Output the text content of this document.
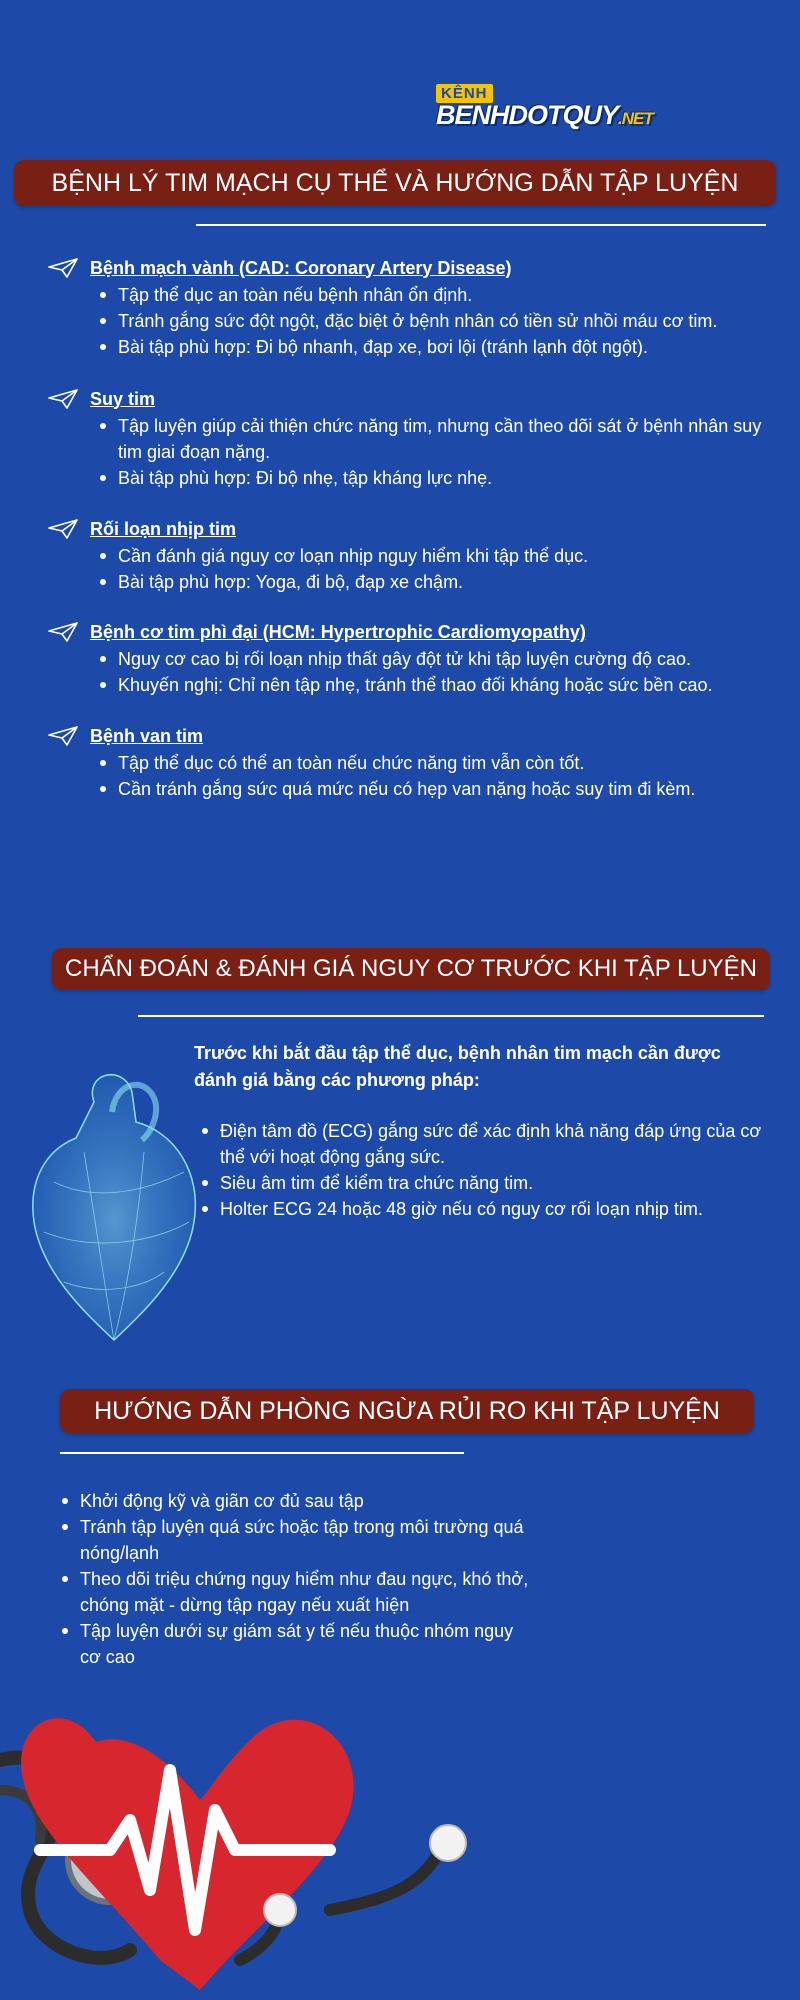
KÊNH
BENHDOTQUY.NET
BỆNH LÝ TIM MẠCH CỤ THỂ VÀ HƯỚNG DẪN TẬP LUYỆN
Bệnh mạch vành (CAD: Coronary Artery Disease)
Tập thể dục an toàn nếu bệnh nhân ổn định.
Tránh gắng sức đột ngột, đặc biệt ở bệnh nhân có tiền sử nhồi máu cơ tim.
Bài tập phù hợp: Đi bộ nhanh, đạp xe, bơi lội (tránh lạnh đột ngột).
Suy tim
Tập luyện giúp cải thiện chức năng tim, nhưng cần theo dõi sát ở bệnh nhân suy tim giai đoạn nặng.
Bài tập phù hợp: Đi bộ nhẹ, tập kháng lực nhẹ.
Rối loạn nhịp tim
Cần đánh giá nguy cơ loạn nhịp nguy hiểm khi tập thể dục.
Bài tập phù hợp: Yoga, đi bộ, đạp xe chậm.
Bệnh cơ tim phì đại (HCM: Hypertrophic Cardiomyopathy)
Nguy cơ cao bị rối loạn nhịp thất gây đột tử khi tập luyện cường độ cao.
Khuyến nghị: Chỉ nên tập nhẹ, tránh thể thao đối kháng hoặc sức bền cao.
Bệnh van tim
Tập thể dục có thể an toàn nếu chức năng tim vẫn còn tốt.
Cần tránh gắng sức quá mức nếu có hẹp van nặng hoặc suy tim đi kèm.
CHẨN ĐOÁN & ĐÁNH GIÁ NGUY CƠ TRƯỚC KHI TẬP LUYỆN
Trước khi bắt đầu tập thể dục, bệnh nhân tim mạch cần được đánh giá bằng các phương pháp:
Điện tâm đồ (ECG) gắng sức để xác định khả năng đáp ứng của cơ thể với hoạt động gắng sức.
Siêu âm tim để kiểm tra chức năng tim.
Holter ECG 24 hoặc 48 giờ nếu có nguy cơ rối loạn nhịp tim.
HƯỚNG DẪN PHÒNG NGỪA RỦI RO KHI TẬP LUYỆN
Khởi động kỹ và giãn cơ đủ sau tập
Tránh tập luyện quá sức hoặc tập trong môi trường quá nóng/lạnh
Theo dõi triệu chứng nguy hiểm như đau ngực, khó thở, chóng mặt - dừng tập ngay nếu xuất hiện
Tập luyện dưới sự giám sát y tế nếu thuộc nhóm nguy cơ cao
